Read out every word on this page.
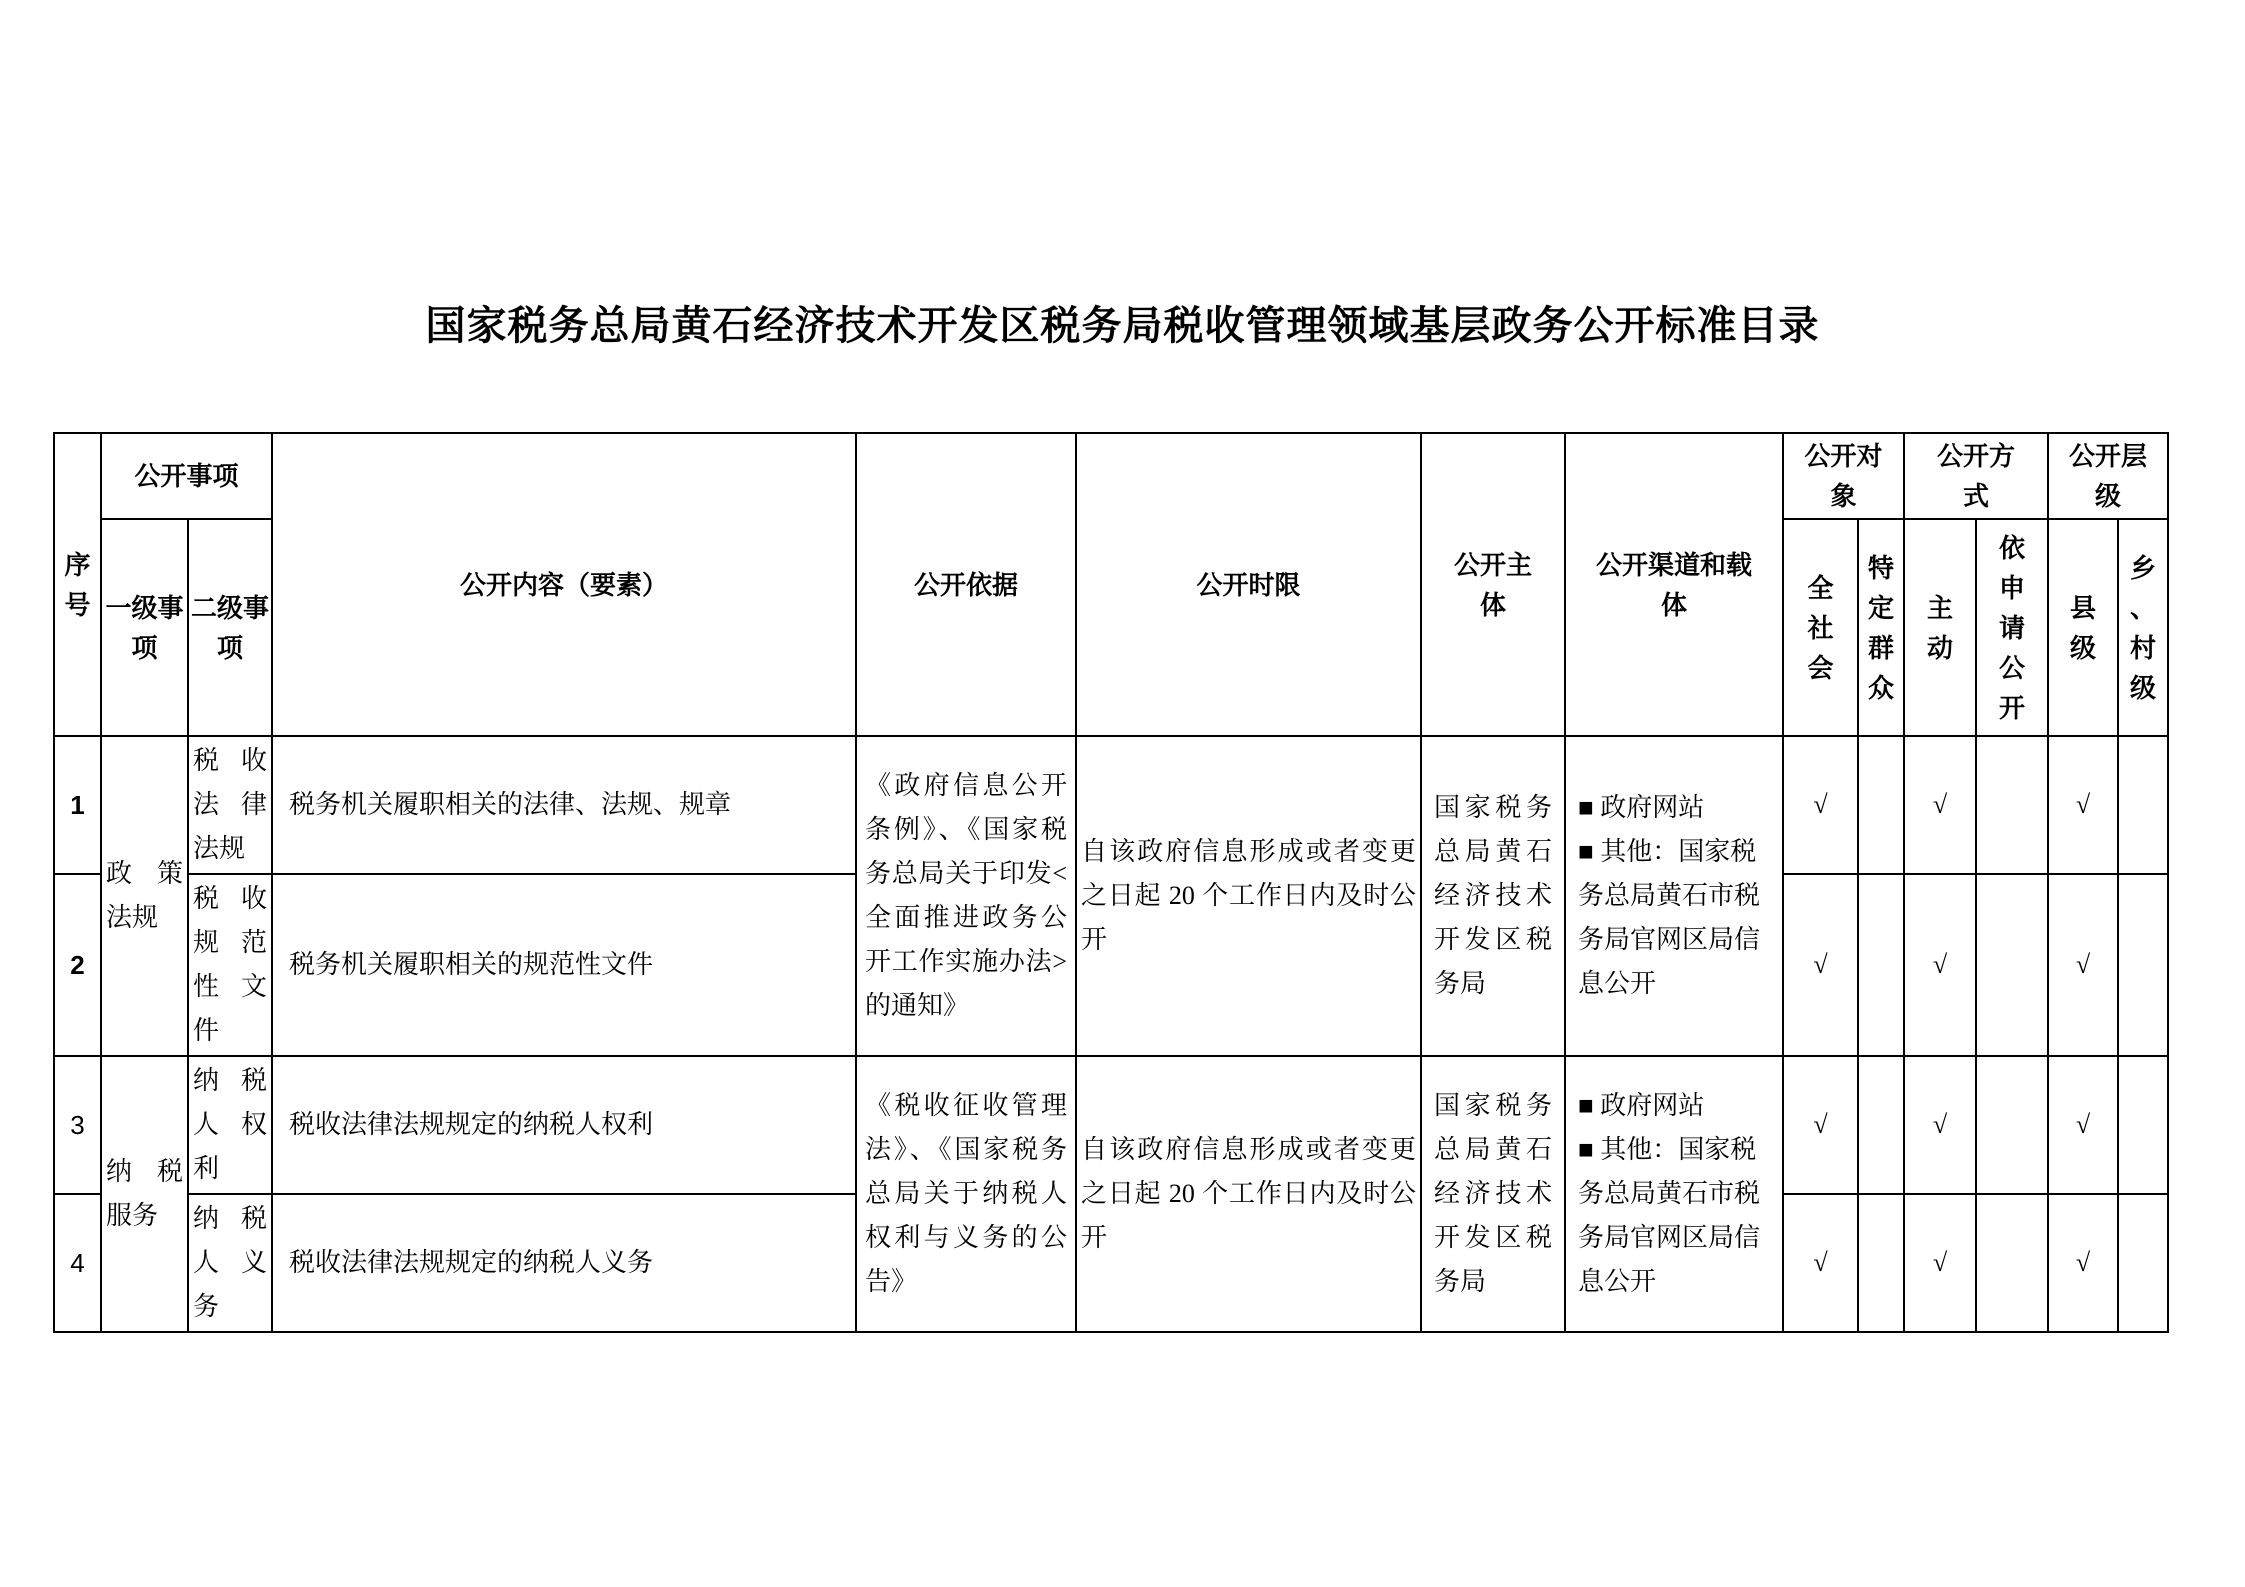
国家税务总局黄石经济技术开发区税务局税收管理领域基层政务公开标准目录
序号	公开事项		公开内容（要素）	公开依据	公开时限	公开主体	公开渠道和载体	公开对象		公开方式		公开层级	

	一级事项	二级事项						全社会	特定群众	主动	依申请公开	县级	乡、村级

1	政策法规	税收法律法规	税务机关履职相关的法律、法规、规章	《政府信息公开条例》、《国家税务总局关于印发<全面推进政务公开工作实施办法>的通知》	自该政府信息形成或者变更之日起 20 个工作日内及时公开	国家税务总局黄石经济技术开发区税务局	■ 政府网站
■ 其他：国家税务总局黄石市税务局官网区局信息公开	√		√		√	
2		税收规范性文件	税务机关履职相关的规范性文件					√		√		√	
3	纳税服务	纳税人权利	税收法律法规规定的纳税人权利	《税收征收管理法》、《国家税务总局关于纳税人权利与义务的公告》	自该政府信息形成或者变更之日起 20 个工作日内及时公开	国家税务总局黄石经济技术开发区税务局	■ 政府网站
■ 其他：国家税务总局黄石市税务局官网区局信息公开	√		√		√	
4		纳税人义务	税收法律法规规定的纳税人义务					√		√		√	
